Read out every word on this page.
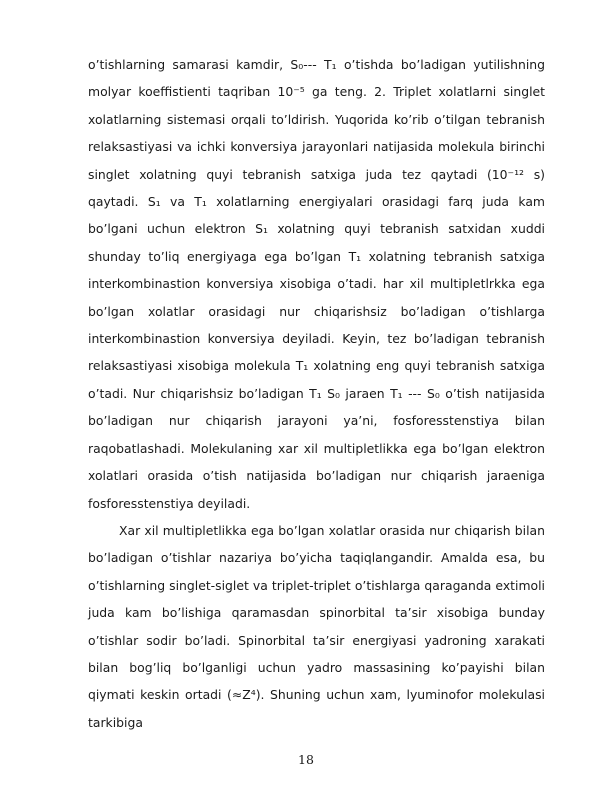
o’tishlarning samarasi kamdir, S₀--- T₁ o’tishda bo’ladigan yutilishning molyar koeffistienti taqriban 10⁻⁵ ga teng. 2. Triplet xolatlarni singlet xolatlarning sistemasi orqali to’ldirish. Yuqorida ko’rib o’tilgan tebranish relaksastiyasi va ichki konversiya jarayonlari natijasida molekula birinchi singlet xolatning quyi tebranish satxiga juda tez qaytadi (10⁻¹² s) qaytadi. S₁ va T₁ xolatlarning energiyalari orasidagi farq juda kam bo’lgani uchun elektron S₁ xolatning quyi tebranish satxidan xuddi shunday to’liq energiyaga ega bo’lgan T₁ xolatning tebranish satxiga interkombinastion konversiya xisobiga o’tadi. har xil multipletlrkka ega bo’lgan xolatlar orasidagi nur chiqarishsiz bo’ladigan o’tishlarga interkombinastion konversiya deyiladi. Keyin, tez bo’ladigan tebranish relaksastiyasi xisobiga molekula T₁ xolatning eng quyi tebranish satxiga o’tadi. Nur chiqarishsiz bo’ladigan T₁ S₀ jaraen T₁ --- S₀ o’tish natijasida bo’ladigan nur chiqarish jarayoni ya’ni, fosforesstenstiya bilan raqobatlashadi. Molekulaning xar xil multipletlikka ega bo’lgan elektron xolatlari orasida o’tish natijasida bo’ladigan nur chiqarish jaraeniga fosforesstenstiya deyiladi.

Xar xil multipletlikka ega bo’lgan xolatlar orasida nur chiqarish bilan bo’ladigan o’tishlar nazariya bo’yicha taqiqlangandir. Amalda esa, bu o’tishlarning singlet-siglet va triplet-triplet o’tishlarga qaraganda extimoli juda kam bo’lishiga qaramasdan spinorbital ta’sir xisobiga bunday o’tishlar sodir bo’ladi. Spinorbital ta’sir energiyasi yadroning xarakati bilan bog’liq bo’lganligi uchun yadro massasining ko’payishi bilan qiymati keskin ortadi (≈Z⁴). Shuning uchun xam, lyuminofor molekulasi tarkibiga

18
